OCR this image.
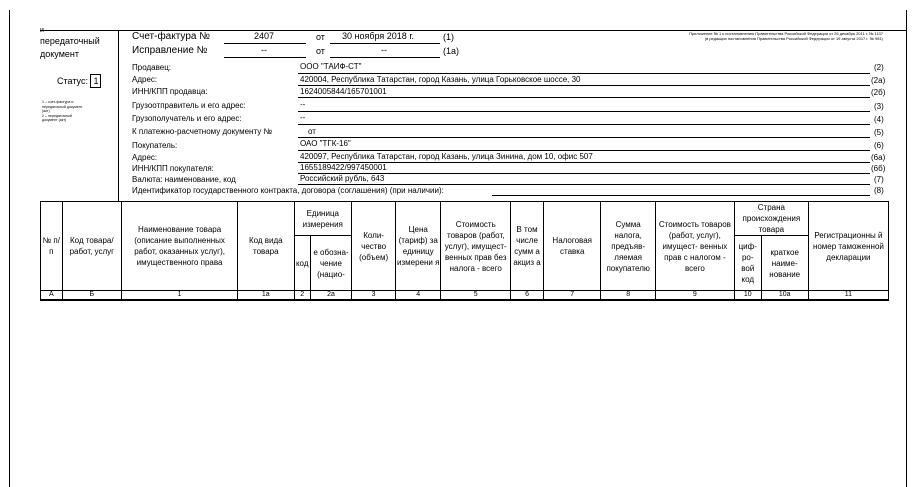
и
передаточный
документ
Статус: 1
1 – счет-фактура и
передаточный документ
(акт)
2 – передаточный
документ (акт)
Счет-фактура №	2407	от 30 ноября 2018 г.	(1)
Исправление №	--	от	--	(1а)
Приложение № 1 к постановлению Правительства Российской Федерации от 26 декабря 2011 г. № 1137
(в редакции постановления Правительства Российской Федерации от 19 августа 2017 г. № 981)
Продавец:	ООО "ТАИФ-СТ"	(2)
Адрес:	420004, Республика Татарстан, город Казань, улица Горьковское шоссе, 30	(2а)
ИНН/КПП продавца:	1624005844/165701001	(2б)
Грузоотправитель и его адрес:	--	(3)
Грузополучатель и его адрес:	--	(4)
К платежно-расчетному документу №	от	(5)
Покупатель:	ОАО "ТГК-16"	(6)
Адрес:	420097, Республика Татарстан, город Казань, улица Зинина, дом 10, офис 507	(6а)
ИНН/КПП покупателя:	1655189422/997450001	(6б)
Валюта: наименование, код	Российский рубль, 643	(7)
Идентификатор государственного контракта, договора (соглашения) (при наличии):	(8)
№ п/п	Код товара/ работ, услуг	Наименование товара (описание выполненных работ, оказанных услуг), имущественного права	Код вида товара	Единица измерения		Коли- чество (объем)	Цена (тариф) за единицу измерени я	Стоимость товаров (работ, услуг), имущест- венных прав без налога - всего	В том числе сумм а акциз а	Налоговая ставка	Сумма налога, предъяв- ляемая покупателю	Стоимость товаров (работ, услуг), имущест- венных прав с налогом - всего	Страна происхождения товара		Регистрационны й номер таможенной декларации
				код	е обозна- чение (нацио-								циф- ро- вой код	краткое наиме- нование	
А	Б	1	1а	2	2а	3	4	5	6	7	8	9	10	10а	11
